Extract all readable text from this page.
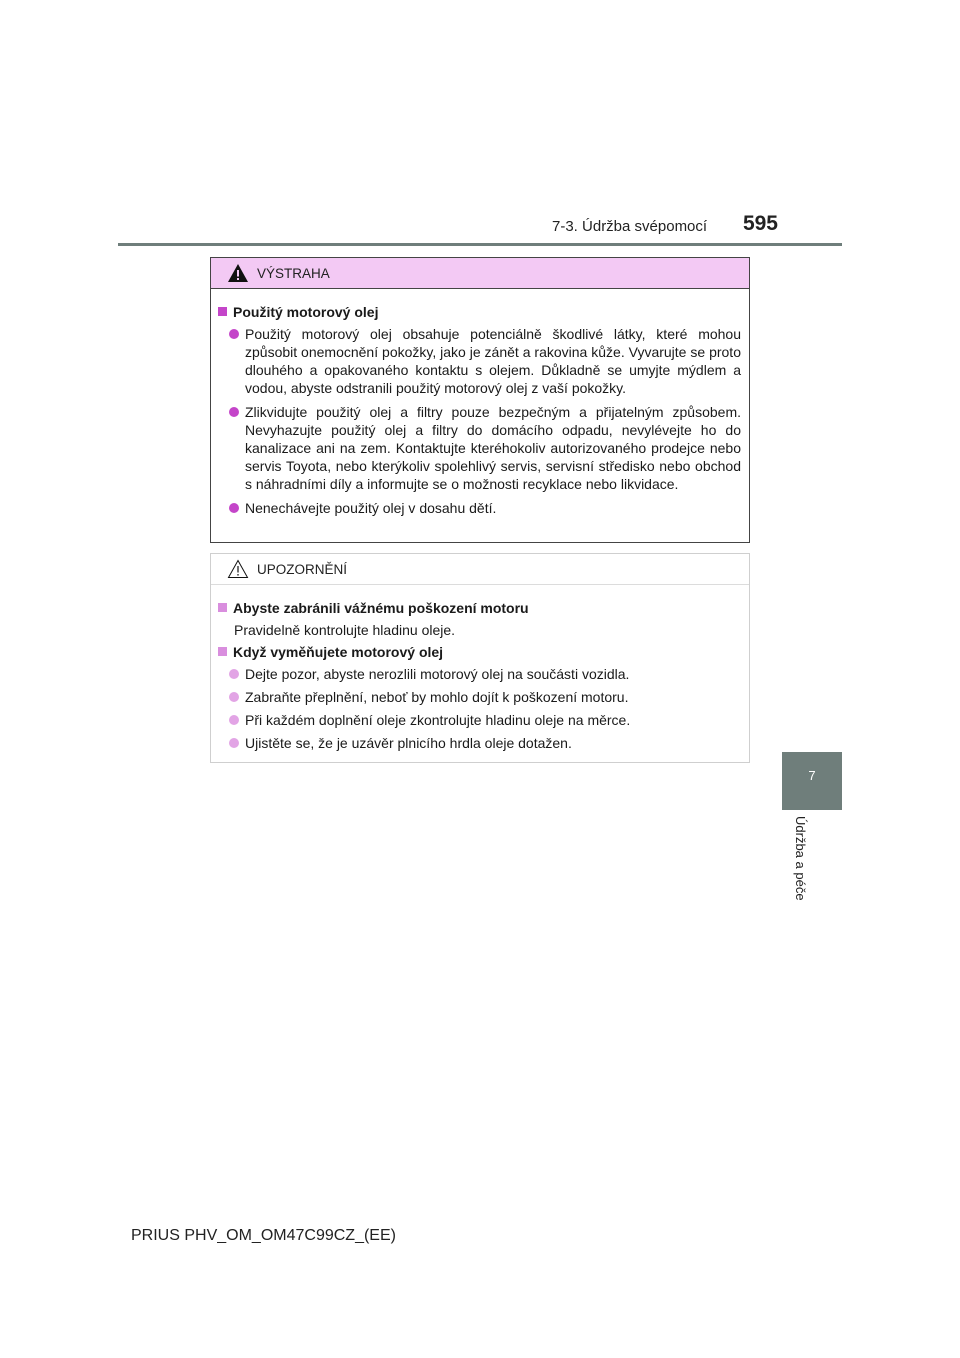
7-3. Údržba svépomocí	595
7
Údržba a péče
VÝSTRAHA
Použitý motorový olej
Použitý motorový olej obsahuje potenciálně škodlivé látky, které mohou způsobit onemocnění pokožky, jako je zánět a rakovina kůže. Vyvarujte se proto dlouhého a opakovaného kontaktu s olejem. Důkladně se umyjte mýdlem a vodou, abyste odstranili použitý motorový olej z vaší pokožky.
Zlikvidujte použitý olej a filtry pouze bezpečným a přijatelným způsobem. Nevyhazujte použitý olej a filtry do domácího odpadu, nevylévejte ho do kanalizace ani na zem. Kontaktujte kteréhokoliv autorizovaného prodejce nebo servis Toyota, nebo kterýkoliv spolehlivý servis, servisní středisko nebo obchod s náhradními díly a informujte se o možnosti recyklace nebo likvidace.
Nenechávejte použitý olej v dosahu dětí.
UPOZORNĚNÍ
Abyste zabránili vážnému poškození motoru
Pravidelně kontrolujte hladinu oleje.
Když vyměňujete motorový olej
Dejte pozor, abyste nerozlili motorový olej na součásti vozidla.
Zabraňte přeplnění, neboť by mohlo dojít k poškození motoru.
Při každém doplnění oleje zkontrolujte hladinu oleje na měrce.
Ujistěte se, že je uzávěr plnicího hrdla oleje dotažen.
PRIUS PHV_OM_OM47C99CZ_(EE)
